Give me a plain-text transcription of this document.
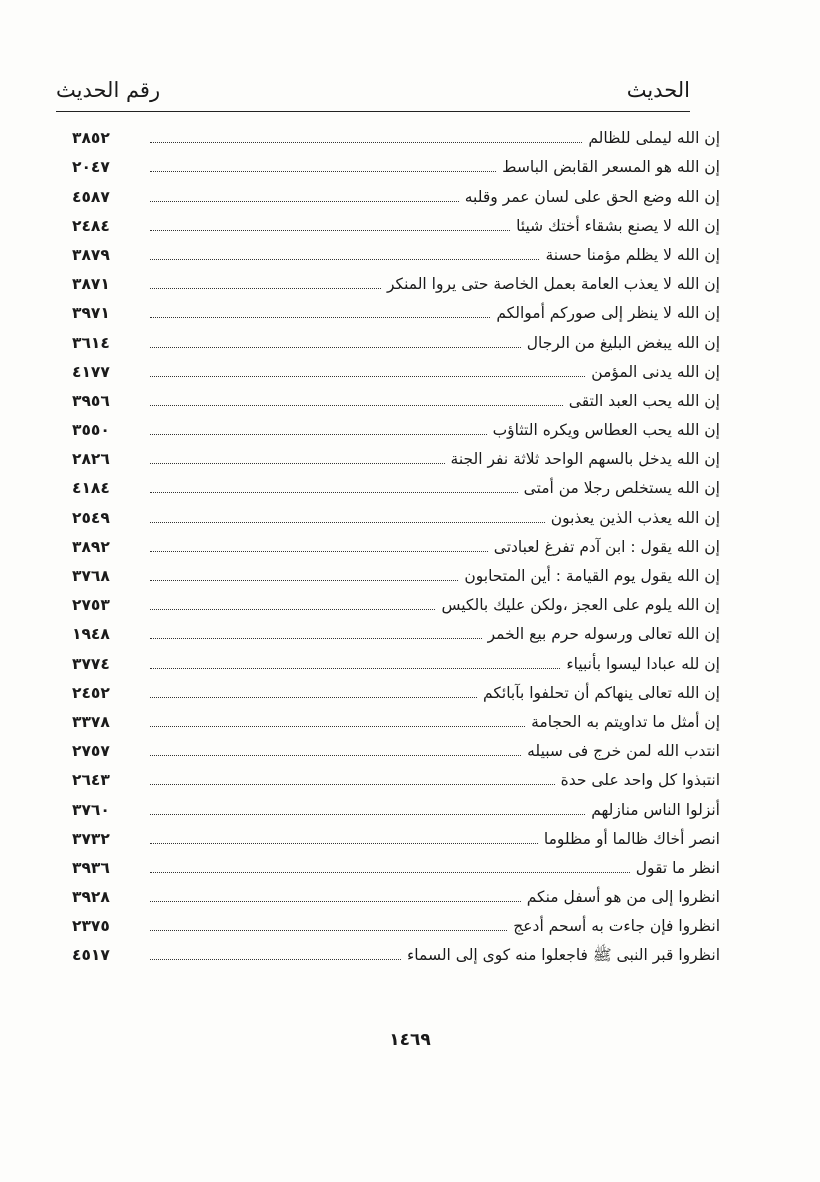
الحديث
رقم الحديث
إن الله ليملى للظالم
٣٨٥٢
إن الله هو المسعر القابض الباسط
٢٠٤٧
إن الله وضع الحق على لسان عمر وقلبه
٤٥٨٧
إن الله لا يصنع بشقاء أختك شيئا
٢٤٨٤
إن الله لا يظلم مؤمنا حسنة
٣٨٧٩
إن الله لا يعذب العامة بعمل الخاصة حتى يروا المنكر
٣٨٧١
إن الله لا ينظر إلى صوركم أموالكم
٣٩٧١
إن الله يبغض البليغ من الرجال
٣٦١٤
إن الله يدنى المؤمن
٤١٧٧
إن الله يحب العبد التقى
٣٩٥٦
إن الله يحب العطاس ويكره التثاؤب
٣٥٥٠
إن الله يدخل بالسهم الواحد ثلاثة نفر الجنة
٢٨٢٦
إن الله يستخلص رجلا من أمتى
٤١٨٤
إن الله يعذب الذين يعذبون
٢٥٤٩
إن الله يقول : ابن آدم تفرغ لعبادتى
٣٨٩٢
إن الله يقول يوم القيامة : أين المتحابون
٣٧٦٨
إن الله يلوم على العجز ،ولكن عليك بالكيس
٢٧٥٣
إن الله تعالى ورسوله حرم بيع الخمر
١٩٤٨
إن لله عبادا ليسوا بأنبياء
٣٧٧٤
إن الله تعالى ينهاكم أن تحلفوا بآبائكم
٢٤٥٢
إن أمثل ما تداويتم به الحجامة
٣٣٧٨
انتدب الله لمن خرج فى سبيله
٢٧٥٧
انتبذوا كل واحد على حدة
٢٦٤٣
أنزلوا الناس منازلهم
٣٧٦٠
انصر أخاك ظالما أو مظلوما
٣٧٣٢
انظر ما تقول
٣٩٣٦
انظروا إلى من هو أسفل منكم
٣٩٢٨
انظروا فإن جاءت به أسحم أدعج
٢٣٧٥
انظروا قبر النبى ﷺ فاجعلوا منه كوى إلى السماء
٤٥١٧
١٤٦٩
